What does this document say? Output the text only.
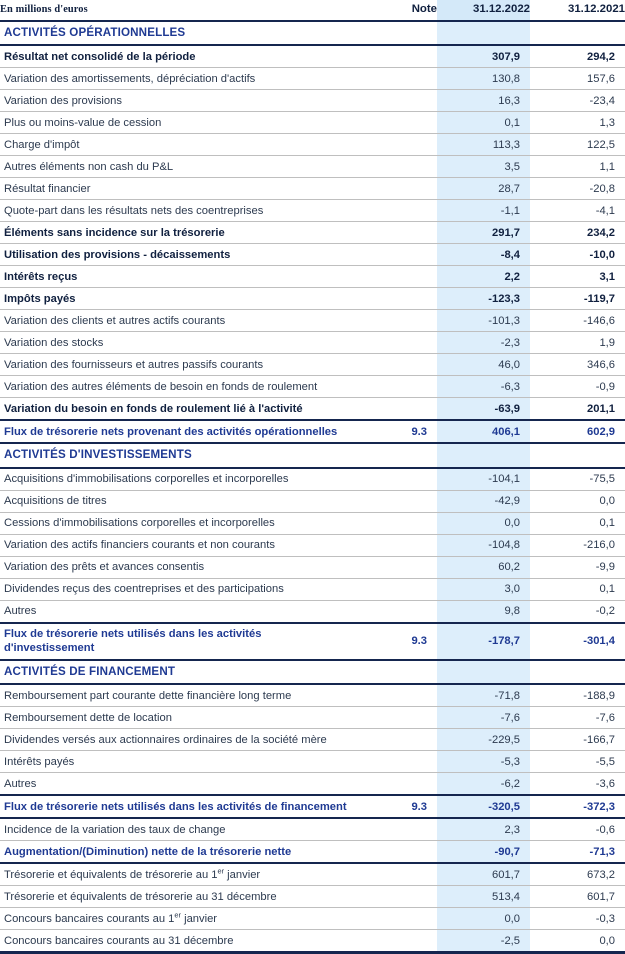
En millions d'euros	Note	31.12.2022	31.12.2021
ACTIVITÉS OPÉRATIONNELLES			
Résultat net consolidé de la période		307,9	294,2
Variation des amortissements, dépréciation d'actifs		130,8	157,6
Variation des provisions		16,3	-23,4
Plus ou moins-value de cession		0,1	1,3
Charge d'impôt		113,3	122,5
Autres éléments non cash du P&L		3,5	1,1
Résultat financier		28,7	-20,8
Quote-part dans les résultats nets des coentreprises		-1,1	-4,1
Éléments sans incidence sur la trésorerie		291,7	234,2
Utilisation des provisions - décaissements		-8,4	-10,0
Intérêts reçus		2,2	3,1
Impôts payés		-123,3	-119,7
Variation des clients et autres actifs courants		-101,3	-146,6
Variation des stocks		-2,3	1,9
Variation des fournisseurs et autres passifs courants		46,0	346,6
Variation des autres éléments de besoin en fonds de roulement		-6,3	-0,9
Variation du besoin en fonds de roulement lié à l'activité		-63,9	201,1
Flux de trésorerie nets provenant des activités opérationnelles	9.3	406,1	602,9
ACTIVITÉS D'INVESTISSEMENTS			
Acquisitions d'immobilisations corporelles et incorporelles		-104,1	-75,5
Acquisitions de titres		-42,9	0,0
Cessions d'immobilisations corporelles et incorporelles		0,0	0,1
Variation des actifs financiers courants et non courants		-104,8	-216,0
Variation des prêts et avances consentis		60,2	-9,9
Dividendes reçus des coentreprises et des participations		3,0	0,1
Autres		9,8	-0,2
Flux de trésorerie nets utilisés dans les activités
d'investissement	9.3	-178,7	-301,4
ACTIVITÉS DE FINANCEMENT			
Remboursement part courante dette financière long terme		-71,8	-188,9
Remboursement dette de location		-7,6	-7,6
Dividendes versés aux actionnaires ordinaires de la société mère		-229,5	-166,7
Intérêts payés		-5,3	-5,5
Autres		-6,2	-3,6
Flux de trésorerie nets utilisés dans les activités de financement	9.3	-320,5	-372,3
Incidence de la variation des taux de change		2,3	-0,6
Augmentation/(Diminution) nette de la trésorerie nette		-90,7	-71,3
Trésorerie et équivalents de trésorerie au 1er janvier		601,7	673,2
Trésorerie et équivalents de trésorerie au 31 décembre		513,4	601,7
Concours bancaires courants au 1er janvier		0,0	-0,3
Concours bancaires courants au 31 décembre		-2,5	0,0
